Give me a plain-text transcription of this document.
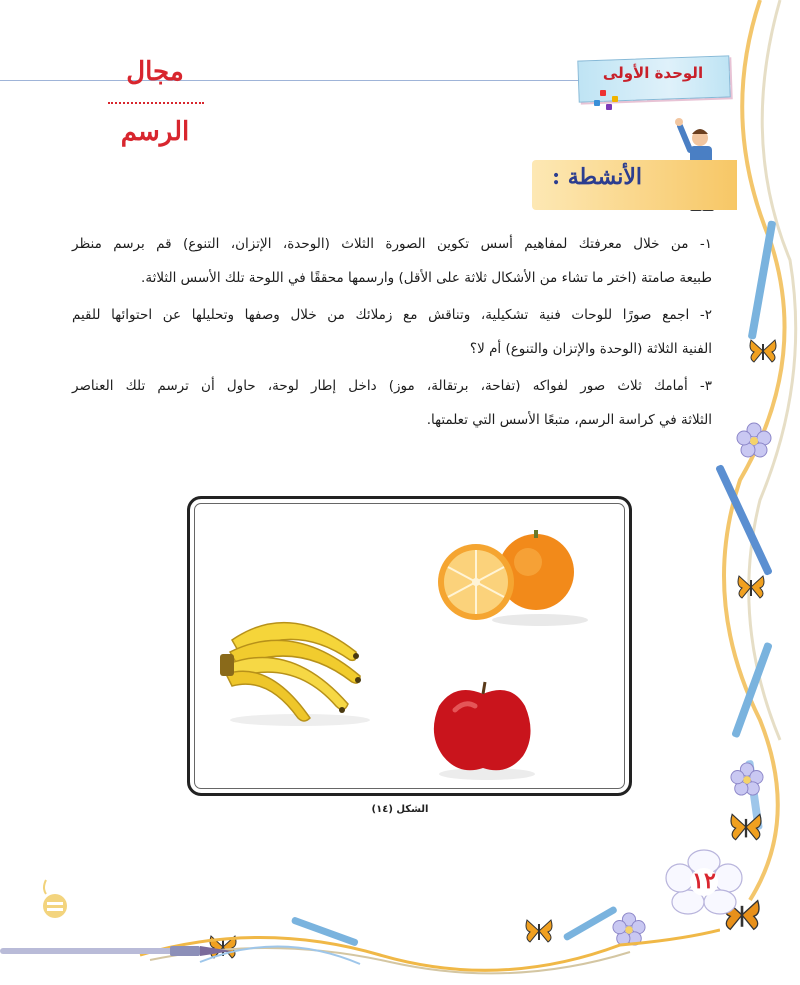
مجال الرسم
الوحدة الأولى
الأنشطة :
١- من خلال معرفتك لمفاهيم أسس تكوين الصورة الثلاث (الوحدة، الإتزان، التنوع) قم برسم منظر
طبيعة صامتة (اختر ما تشاء من الأشكال ثلاثة على الأقل) وارسمها محققًا في اللوحة تلك الأسس الثلاثة.
٢- اجمع صورًا للوحات فنية تشكيلية، وتناقش مع زملائك من خلال وصفها وتحليلها عن احتوائها للقيم
الفنية الثلاثة (الوحدة والإتزان والتنوع) أم لا؟
٣- أمامك ثلاث صور لفواكه (تفاحة، برتقالة، موز) داخل إطار لوحة، حاول أن ترسم تلك العناصر
الثلاثة في كراسة الرسم، متبعًا الأسس التي تعلمتها.
الشكل (١٤)
١٢
